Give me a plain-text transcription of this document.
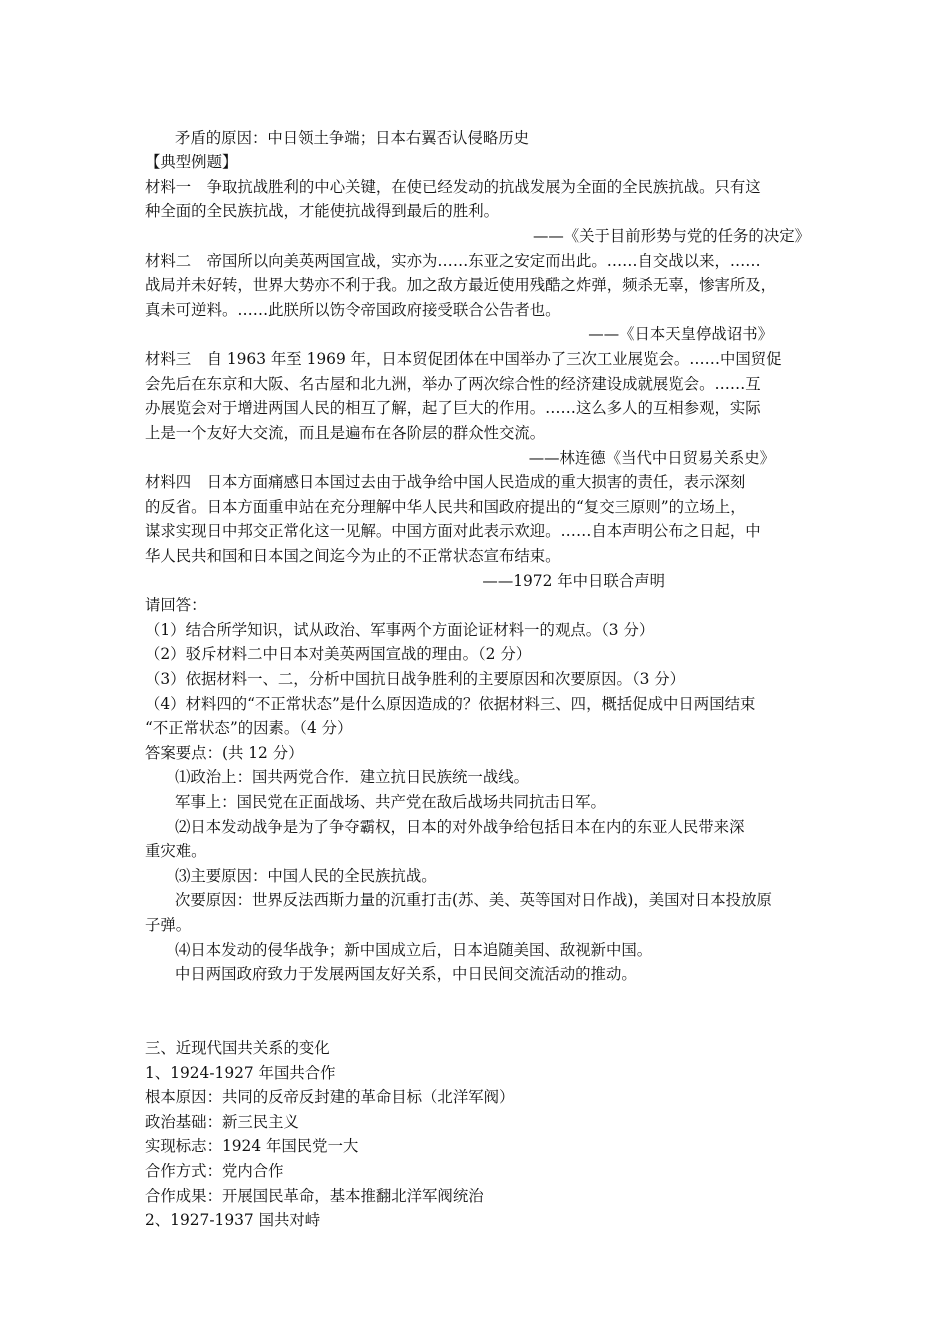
矛盾的原因：中日领土争端；日本右翼否认侵略历史
【典型例题】
材料一　争取抗战胜利的中心关键，在使已经发动的抗战发展为全面的全民族抗战。只有这
种全面的全民族抗战，才能使抗战得到最后的胜利。
——《关于目前形势与党的任务的决定》
材料二　帝国所以向美英两国宣战，实亦为……东亚之安定而出此。……自交战以来，……
战局并未好转，世界大势亦不利于我。加之敌方最近使用残酷之炸弹，频杀无辜，惨害所及，
真未可逆料。……此朕所以饬令帝国政府接受联合公告者也。
——《日本天皇停战诏书》
材料三　自 1963 年至 1969 年，日本贸促团体在中国举办了三次工业展览会。……中国贸促
会先后在东京和大阪、名古屋和北九洲，举办了两次综合性的经济建设成就展览会。……互
办展览会对于增进两国人民的相互了解，起了巨大的作用。……这么多人的互相参观，实际
上是一个友好大交流，而且是遍布在各阶层的群众性交流。
——林连德《当代中日贸易关系史》
材料四　日本方面痛感日本国过去由于战争给中国人民造成的重大损害的责任，表示深刻
的反省。日本方面重申站在充分理解中华人民共和国政府提出的“复交三原则”的立场上，
谋求实现日中邦交正常化这一见解。中国方面对此表示欢迎。……自本声明公布之日起，中
华人民共和国和日本国之间迄今为止的不正常状态宣布结束。
——1972 年中日联合声明
请回答：
（1）结合所学知识，试从政治、军事两个方面论证材料一的观点。（3 分）
（2）驳斥材料二中日本对美英两国宣战的理由。（2 分）
（3）依据材料一、二，分析中国抗日战争胜利的主要原因和次要原因。（3 分）
（4）材料四的“不正常状态”是什么原因造成的？依据材料三、四，概括促成中日两国结束
“不正常状态”的因素。（4 分）
答案要点：(共 12 分）
⑴政治上：国共两党合作．建立抗日民族统一战线。
军事上：国民党在正面战场、共产党在敌后战场共同抗击日军。
⑵日本发动战争是为了争夺霸权，日本的对外战争给包括日本在内的东亚人民带来深
重灾难。
⑶主要原因：中国人民的全民族抗战。
次要原因：世界反法西斯力量的沉重打击(苏、美、英等国对日作战)，美国对日本投放原
子弹。
⑷日本发动的侵华战争；新中国成立后，日本追随美国、敌视新中国。
中日两国政府致力于发展两国友好关系，中日民间交流活动的推动。
三、近现代国共关系的变化
1、1924-1927 年国共合作
根本原因：共同的反帝反封建的革命目标（北洋军阀）
政治基础：新三民主义
实现标志：1924 年国民党一大
合作方式：党内合作
合作成果：开展国民革命，基本推翻北洋军阀统治
2、1927-1937 国共对峙
